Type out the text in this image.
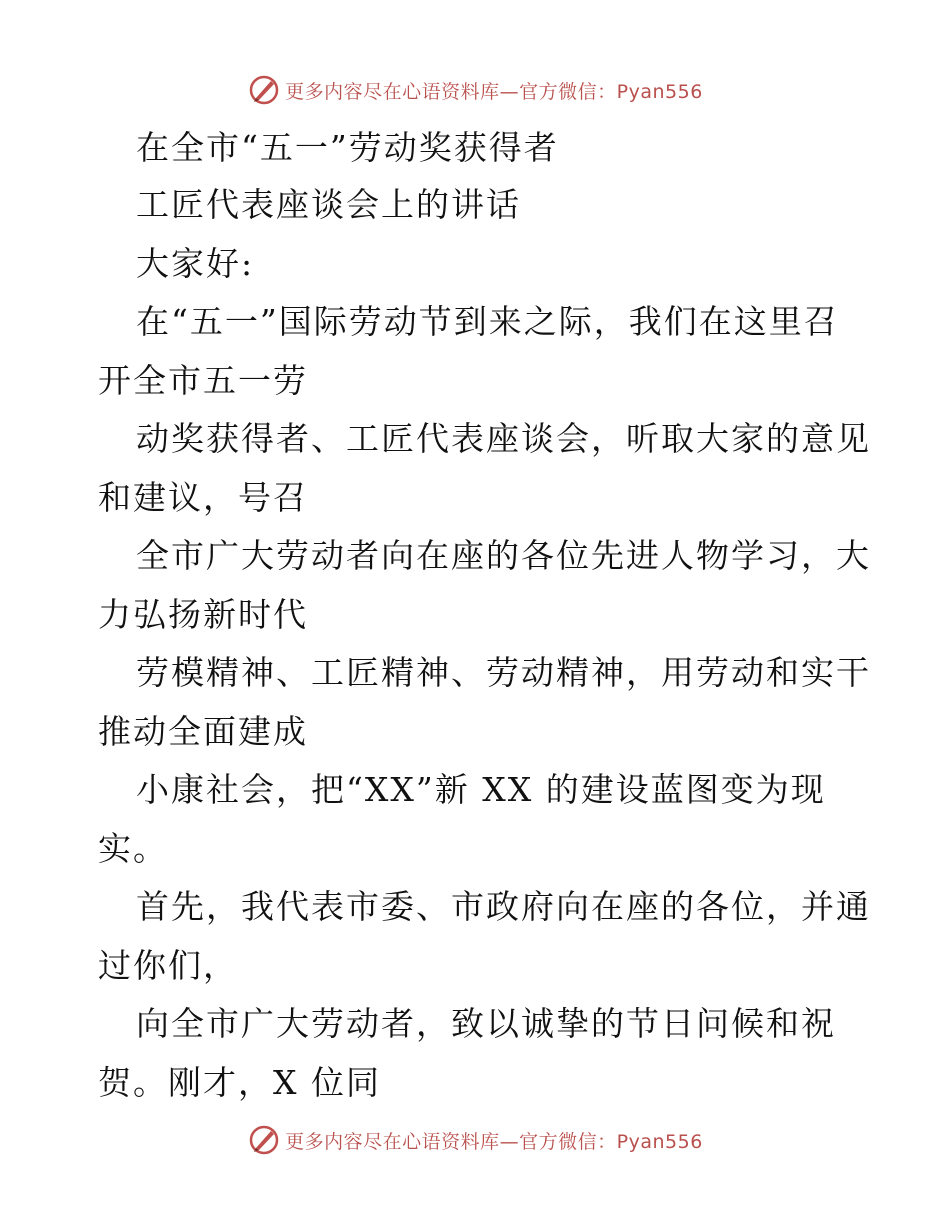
更多内容尽在心语资料库—官方微信：Pyan556
在全市“五一”劳动奖获得者
工匠代表座谈会上的讲话
大家好:
在“五一”国际劳动节到来之际，我们在这里召
开全市五一劳
动奖获得者、工匠代表座谈会，听取大家的意见
和建议，号召
全市广大劳动者向在座的各位先进人物学习，大
力弘扬新时代
劳模精神、工匠精神、劳动精神，用劳动和实干
推动全面建成
小康社会，把“XX”新 XX 的建设蓝图变为现
实。
首先，我代表市委、市政府向在座的各位，并通
过你们，
向全市广大劳动者，致以诚挚的节日问候和祝
贺。刚才，X 位同
更多内容尽在心语资料库—官方微信：Pyan556
